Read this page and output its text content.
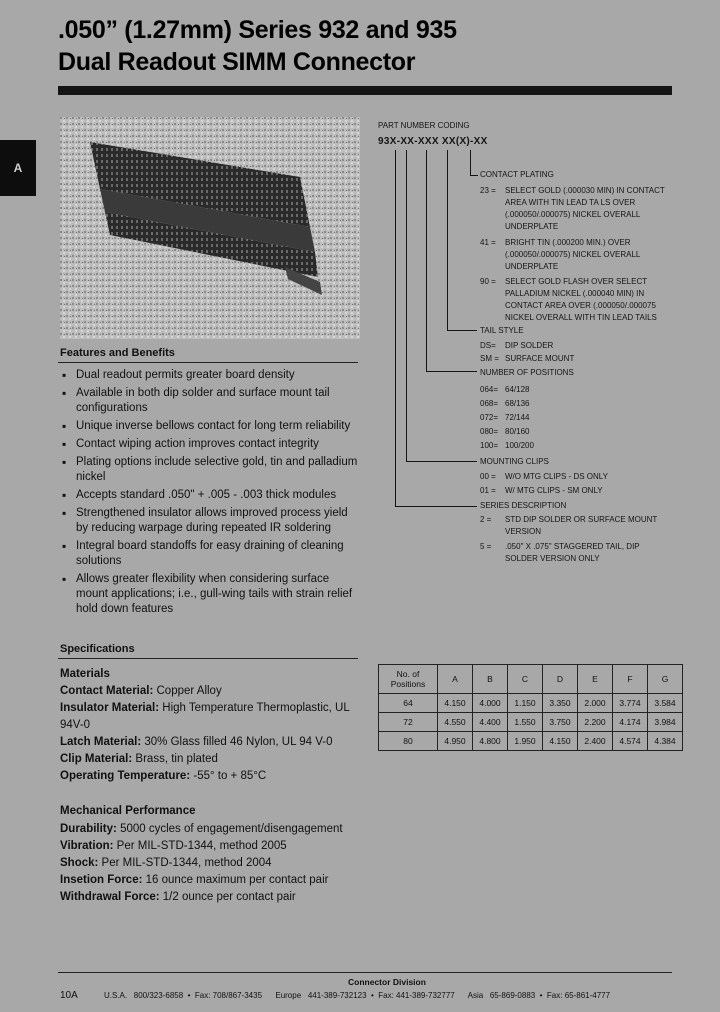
.050” (1.27mm) Series 932 and 935
Dual Readout SIMM Connector
A
Features and Benefits
▪ Dual readout permits greater board density
▪ Available in both dip solder and surface mount tail configurations
▪ Unique inverse bellows contact for long term reliability
▪ Contact wiping action improves contact integrity
▪ Plating options include selective gold, tin and palladium nickel
▪ Accepts standard .050" + .005 - .003 thick modules
▪ Strengthened insulator allows improved process yield by reducing warpage during repeated IR soldering
▪ Integral board standoffs for easy draining of cleaning solutions
▪ Allows greater flexibility when considering surface mount applications; i.e., gull-wing tails with strain relief hold down features
Specifications
Materials
Contact Material: Copper Alloy
Insulator Material: High Temperature Thermoplastic, UL 94V-0
Latch Material: 30% Glass filled 46 Nylon, UL 94 V-0
Clip Material: Brass, tin plated
Operating Temperature: -55° to + 85°C
Mechanical Performance
Durability: 5000 cycles of engagement/disengagement
Vibration: Per MIL-STD-1344, method 2005
Shock: Per MIL-STD-1344, method 2004
Insetion Force: 16 ounce maximum per contact pair
Withdrawal Force: 1/2 ounce per contact pair
PART NUMBER CODING
93X-XX-XXX XX(X)-XX
CONTACT PLATING
23 =	SELECT GOLD (.000030 MIN) IN CONTACT AREA WITH TIN LEAD TA LS OVER (.000050/.000075) NICKEL OVERALL UNDERPLATE
41 =	BRIGHT TIN (.000200 MIN.) OVER (.000050/.000075) NICKEL OVERALL UNDERPLATE
90 =	SELECT GOLD FLASH OVER SELECT PALLADIUM NICKEL (.000040 MIN) IN CONTACT AREA OVER (.000050/.000075 NICKEL OVERALL WITH TIN LEAD TAILS
TAIL STYLE
DS= DIP SOLDER
SM = SURFACE MOUNT
NUMBER OF POSITIONS
064= 64/128
068= 68/136
072= 72/144
080= 80/160
100= 100/200
MOUNTING CLIPS
00 = W/O MTG CLIPS - DS ONLY
01 = W/ MTG CLIPS - SM ONLY
SERIES DESCRIPTION
2 = STD DIP SOLDER OR SURFACE MOUNT VERSION
5 = .050" X .075" STAGGERED TAIL, DIP SOLDER VERSION ONLY
No. of Positions	A	B	C	D	E	F	G
64	4.150	4.000	1.150	3.350	2.000	3.774	3.584
72	4.550	4.400	1.550	3.750	2.200	4.174	3.984
80	4.950	4.800	1.950	4.150	2.400	4.574	4.384
Connector Division
10A	U.S.A.   800/323-6858  •  Fax: 708/867-3435      Europe   441-389-732123  •  Fax: 441-389-732777      Asia   65-869-0883  •  Fax: 65-861-4777
